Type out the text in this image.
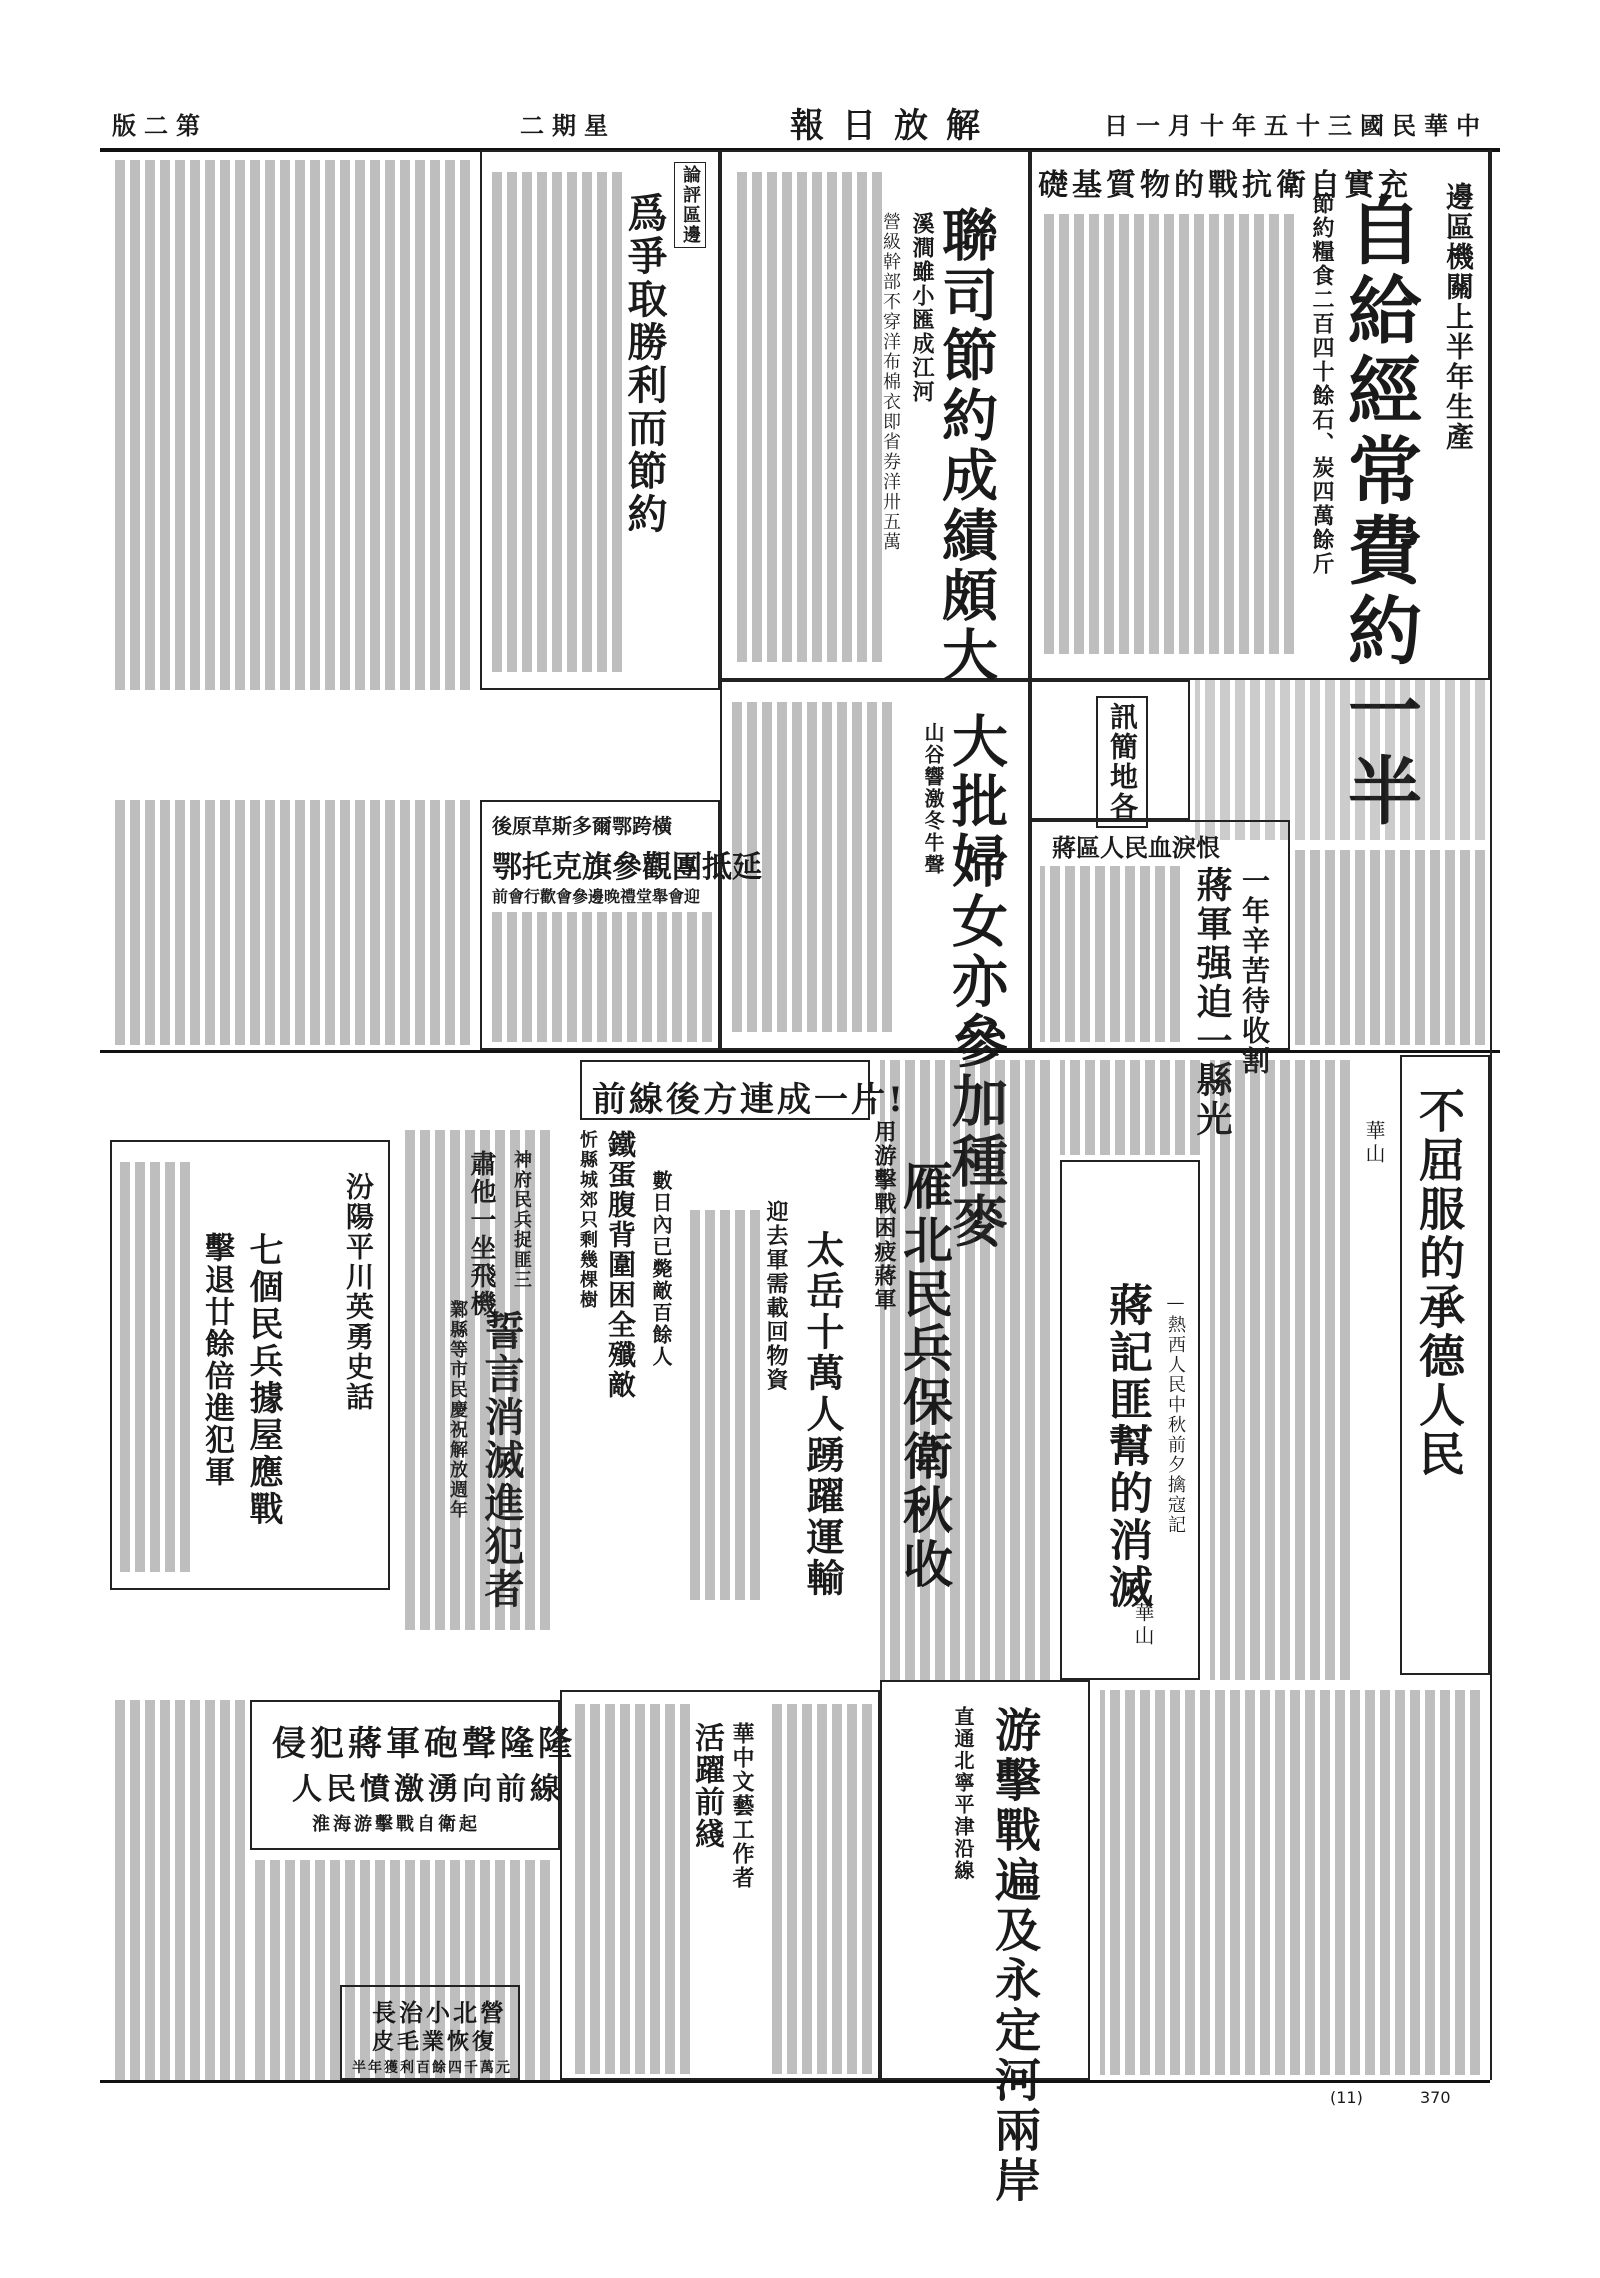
版二第	二期星	報日放解	日一月十年五十三國民華中
邊區機關上半年生產
自給經常費約一半
節約糧食二百四十餘石、炭四萬餘斤
礎基質物的戰抗衛自實充
聯司節約成績頗大
溪澗雖小匯成江河
營級幹部不穿洋布棉衣即省券洋卅五萬
論評區邊
爲爭取勝利而節約
大批婦女亦參加種麥
山谷響激冬牛聲	訊簡地各
後原草斯多爾鄂跨橫
鄂托克旗參觀團抵延
前會行歡會參邊晚禮堂舉會迎
蔣區人民血淚恨
一年辛苦待收割
蔣軍强迫一縣光
不屈服的承德人民
華山
蔣記匪幫的消滅 —熱西人民中秋前夕擒寇記
華山
前線後方連成一片!
雁北民兵保衛秋收
用游擊戰困疲蔣軍
太岳十萬人踴躍運輸
迎去軍需載回物資
忻縣城郊只剩幾棵樹 鐵蛋腹背圍困全殲敵 數日內已斃敵百餘人
誓言消滅進犯者
鄴縣等市民慶祝解放週年
肅他一坐飛機 神府民兵捉匪三
汾陽平川英勇史話
七個民兵據屋應戰
擊退廿餘倍進犯軍
游擊戰遍及永定河兩岸
直通北寧平津沿線
活躍前綫 華中文藝工作者
侵犯蔣軍砲聲隆隆
人民憤激湧向前線
淮海游擊戰自衛起
長治小北營
皮毛業恢復
半年獲利百餘四千萬元
(11)	370
